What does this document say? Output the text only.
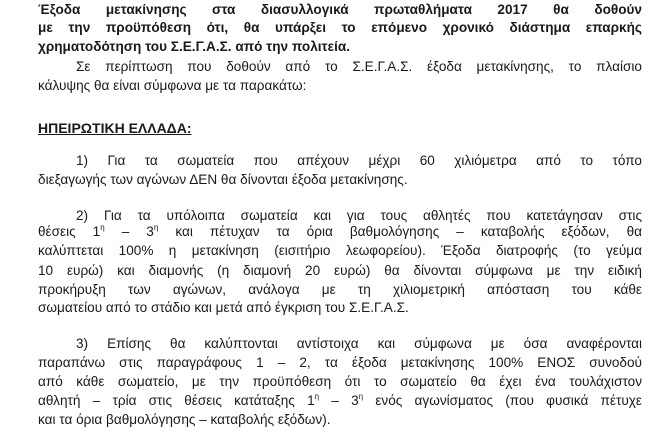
Έξοδα μετακίνησης στα διασυλλογικά πρωταθλήματα 2017 θα δοθούν
με την προϋπόθεση ότι, θα υπάρξει το επόμενο χρονικό διάστημα επαρκής
χρηματοδότηση του Σ.Ε.Γ.Α.Σ. από την πολιτεία.
Σε περίπτωση που δοθούν από το Σ.Ε.Γ.Α.Σ. έξοδα μετακίνησης, το πλαίσιο
κάλυψης θα είναι σύμφωνα με τα παρακάτω:
ΗΠΕΙΡΩΤΙΚΗ ΕΛΛΑΔΑ:
1) Για τα σωματεία που απέχουν μέχρι 60 χιλιόμετρα από το τόπο
διεξαγωγής των αγώνων ΔΕΝ θα δίνονται έξοδα μετακίνησης.
2) Για τα υπόλοιπα σωματεία και για τους αθλητές που κατετάγησαν στις
θέσεις $1^\eta - 3^\eta$ και πέτυχαν τα όρια βαθμολόγησης – καταβολής εξόδων, θα
καλύπτεται 100% η μετακίνηση (εισιτήριο λεωφορείου). Έξοδα διατροφής (το γεύμα
10 ευρώ) και διαμονής (η διαμονή 20 ευρώ) θα δίνονται σύμφωνα με την ειδική
προκήρυξη των αγώνων, ανάλογα με τη χιλιομετρική απόσταση του κάθε
σωματείου από το στάδιο και μετά από έγκριση του Σ.Ε.Γ.Α.Σ.
3) Επίσης θα καλύπτονται αντίστοιχα και σύμφωνα με όσα αναφέρονται
παραπάνω στις παραγράφους 1 – 2, τα έξοδα μετακίνησης 100% ΕΝΟΣ συνοδού
από κάθε σωματείο, με την προϋπόθεση ότι το σωματείο θα έχει ένα τουλάχιστον
αθλητή – τρία στις θέσεις κατάταξης $1^\eta - 3^\eta$ ενός αγωνίσματος (που φυσικά πέτυχε
και τα όρια βαθμολόγησης – καταβολής εξόδων).
